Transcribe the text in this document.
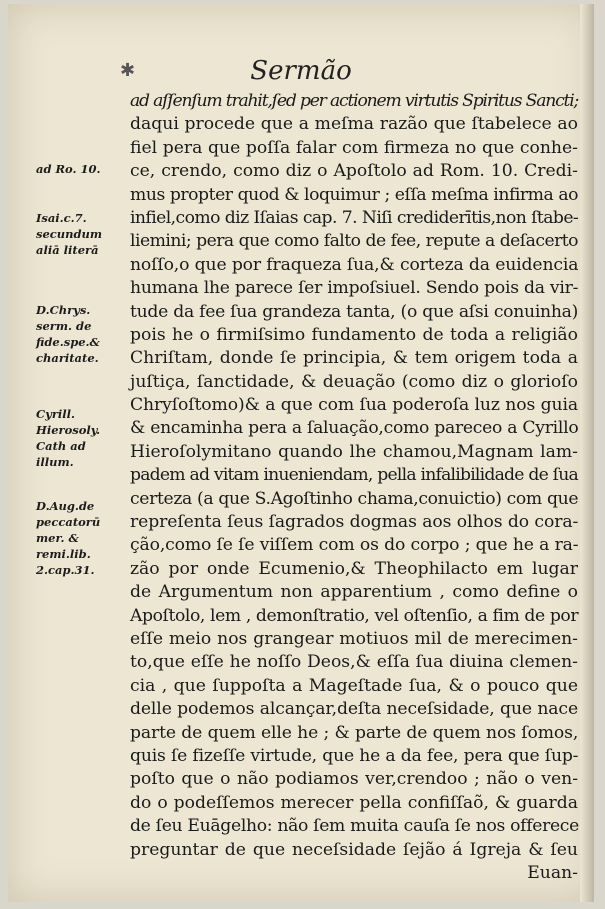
✱	Sermão
ad Ro. 10.
Isai.c.7.
secundum
aliā literā
D.Chrys.
serm. de
fide.spe.&
charitate.
Cyrill.
Hierosoly.
Cath ad
illum.
D.Aug.de
peccatorū
mer. &
remi.lib.
2.cap.31.
ad aſſenſum trahit,ſed per actionem virtutis Spiritus Sancti;
daqui procede que a meſma razão que ſtabelece ao
fiel pera que poſſa falar com firmeza no que conhe-
ce, crendo, como diz o Apoſtolo ad Rom. 10. Credi-
mus propter quod & loquimur ; eſſa meſma infirma ao
infiel,como diz Iſaias cap. 7. Niſi crediderītis,non ſtabe-
liemini; pera que como falto de fee, repute a deſacerto
noſſo,o que por fraqueza ſua,& corteza da euidencia
humana lhe parece ſer impoſsiuel. Sendo pois da vir-
tude da fee ſua grandeza tanta, (o que aſsi conuinha)
pois he o firmiſsimo fundamento de toda a religião
Chriſtam, donde ſe principia, & tem origem toda a
juſtiça, ſanctidade, & deuação (como diz o glorioſo
Chryſoſtomo)& a que com ſua poderoſa luz nos guia
& encaminha pera a ſaluação,como pareceo a Cyrillo
Hieroſolymitano quando lhe chamou,Magnam lam-
padem ad vitam inueniendam, pella infalibilidade de ſua
certeza (a que S.Agoſtinho chama,conuictio) com que
repreſenta ſeus ſagrados dogmas aos olhos do cora-
ção,como ſe ſe viſſem com os do corpo ; que he a ra-
zão por onde Ecumenio,& Theophilacto em lugar
de Argumentum non apparentium , como define o
Apoſtolo, lem , demonſtratio, vel oſtenſio, a fim de por
eſſe meio nos grangear motiuos mil de merecimen-
to,que eſſe he noſſo Deos,& eſſa ſua diuina clemen-
cia , que ſuppoſta a Mageſtade ſua, & o pouco que
delle podemos alcançar,deſta neceſsidade, que nace
parte de quem elle he ; & parte de quem nos ſomos,
quis ſe fizeſſe virtude, que he a da fee, pera que ſup-
poſto que o não podiamos ver,crendoo ; não o ven-
do o podeſſemos merecer pella confiſſaõ, & guarda
de ſeu Euāgelho: não ſem muita cauſa ſe nos offerece
preguntar de que neceſsidade ſejão á Igreja & ſeu
Euan-
